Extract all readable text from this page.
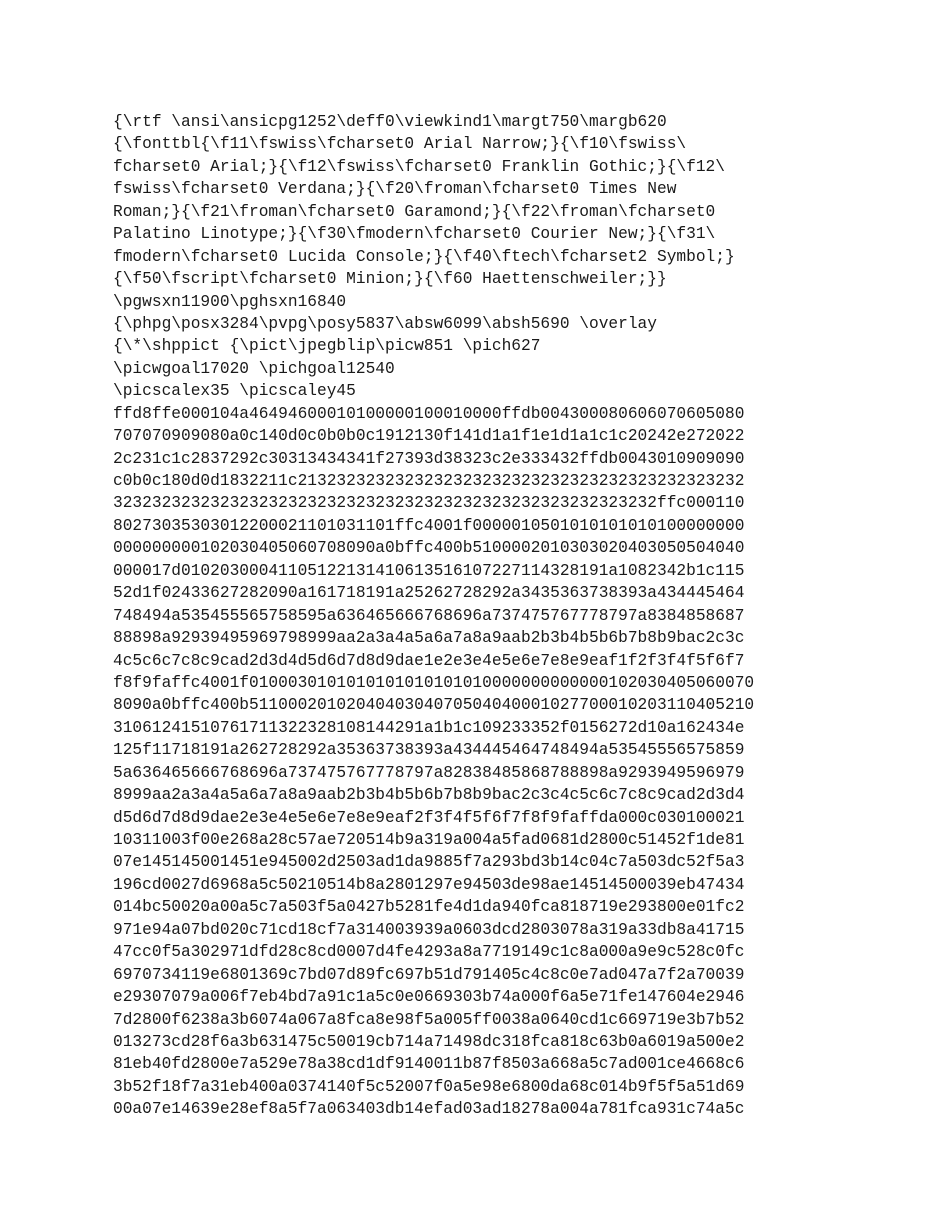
{\rtf \ansi\ansicpg1252\deff0\viewkind1\margt750\margb620
{\fonttbl{\f11\fswiss\fcharset0 Arial Narrow;}{\f10\fswiss\
fcharset0 Arial;}{\f12\fswiss\fcharset0 Franklin Gothic;}{\f12\
fswiss\fcharset0 Verdana;}{\f20\froman\fcharset0 Times New
Roman;}{\f21\froman\fcharset0 Garamond;}{\f22\froman\fcharset0
Palatino Linotype;}{\f30\fmodern\fcharset0 Courier New;}{\f31\
fmodern\fcharset0 Lucida Console;}{\f40\ftech\fcharset2 Symbol;}
{\f50\fscript\fcharset0 Minion;}{\f60 Haettenschweiler;}}
\pgwsxn11900\pghsxn16840
{\phpg\posx3284\pvpg\posy5837\absw6099\absh5690 \overlay
{\*\shppict {\pict\jpegblip\picw851 \pich627
\picwgoal17020 \pichgoal12540
\picscalex35 \picscaley45
ffd8ffe000104a46494600010100000100010000ffdb004300080606070605080
707070909080a0c140d0c0b0b0c1912130f141d1a1f1e1d1a1c1c20242e272022
2c231c1c2837292c30313434341f27393d38323c2e333432ffdb0043010909090
c0b0c180d0d1832211c2132323232323232323232323232323232323232323232
32323232323232323232323232323232323232323232323232323232ffc000110
80273035303012200021101031101ffc4001f0000010501010101010100000000
000000000102030405060708090a0bffc400b5100002010303020403050504040
000017d01020300041105122131410613516107227114328191a1082342b1c115
52d1f02433627282090a161718191a25262728292a3435363738393a434445464
748494a535455565758595a636465666768696a737475767778797a8384858687
88898a92939495969798999aa2a3a4a5a6a7a8a9aab2b3b4b5b6b7b8b9bac2c3c
4c5c6c7c8c9cad2d3d4d5d6d7d8d9dae1e2e3e4e5e6e7e8e9eaf1f2f3f4f5f6f7
f8f9faffc4001f0100030101010101010101010000000000000102030405060070
8090a0bffc400b5110002010204040304070504040001027700010203110405210
31061241510761711322328108144291a1b1c109233352f0156272d10a162434e
125f11718191a262728292a35363738393a434445464748494a53545556575859
5a636465666768696a737475767778797a82838485868788898a9293949596979
8999aa2a3a4a5a6a7a8a9aab2b3b4b5b6b7b8b9bac2c3c4c5c6c7c8c9cad2d3d4
d5d6d7d8d9dae2e3e4e5e6e7e8e9eaf2f3f4f5f6f7f8f9faffda000c030100021
10311003f00e268a28c57ae720514b9a319a004a5fad0681d2800c51452f1de81
07e145145001451e945002d2503ad1da9885f7a293bd3b14c04c7a503dc52f5a3
196cd0027d6968a5c50210514b8a2801297e94503de98ae14514500039eb47434
014bc50020a00a5c7a503f5a0427b5281fe4d1da940fca818719e293800e01fc2
971e94a07bd020c71cd18cf7a314003939a0603dcd2803078a319a33db8a41715
47cc0f5a302971dfd28c8cd0007d4fe4293a8a7719149c1c8a000a9e9c528c0fc
6970734119e6801369c7bd07d89fc697b51d791405c4c8c0e7ad047a7f2a70039
e29307079a006f7eb4bd7a91c1a5c0e0669303b74a000f6a5e71fe147604e2946
7d2800f6238a3b6074a067a8fca8e98f5a005ff0038a0640cd1c669719e3b7b52
013273cd28f6a3b631475c50019cb714a71498dc318fca818c63b0a6019a500e2
81eb40fd2800e7a529e78a38cd1df9140011b87f8503a668a5c7ad001ce4668c6
3b52f18f7a31eb400a0374140f5c52007f0a5e98e6800da68c014b9f5f5a51d69
00a07e14639e28ef8a5f7a063403db14efad03ad18278a004a781fca931c74a5c
